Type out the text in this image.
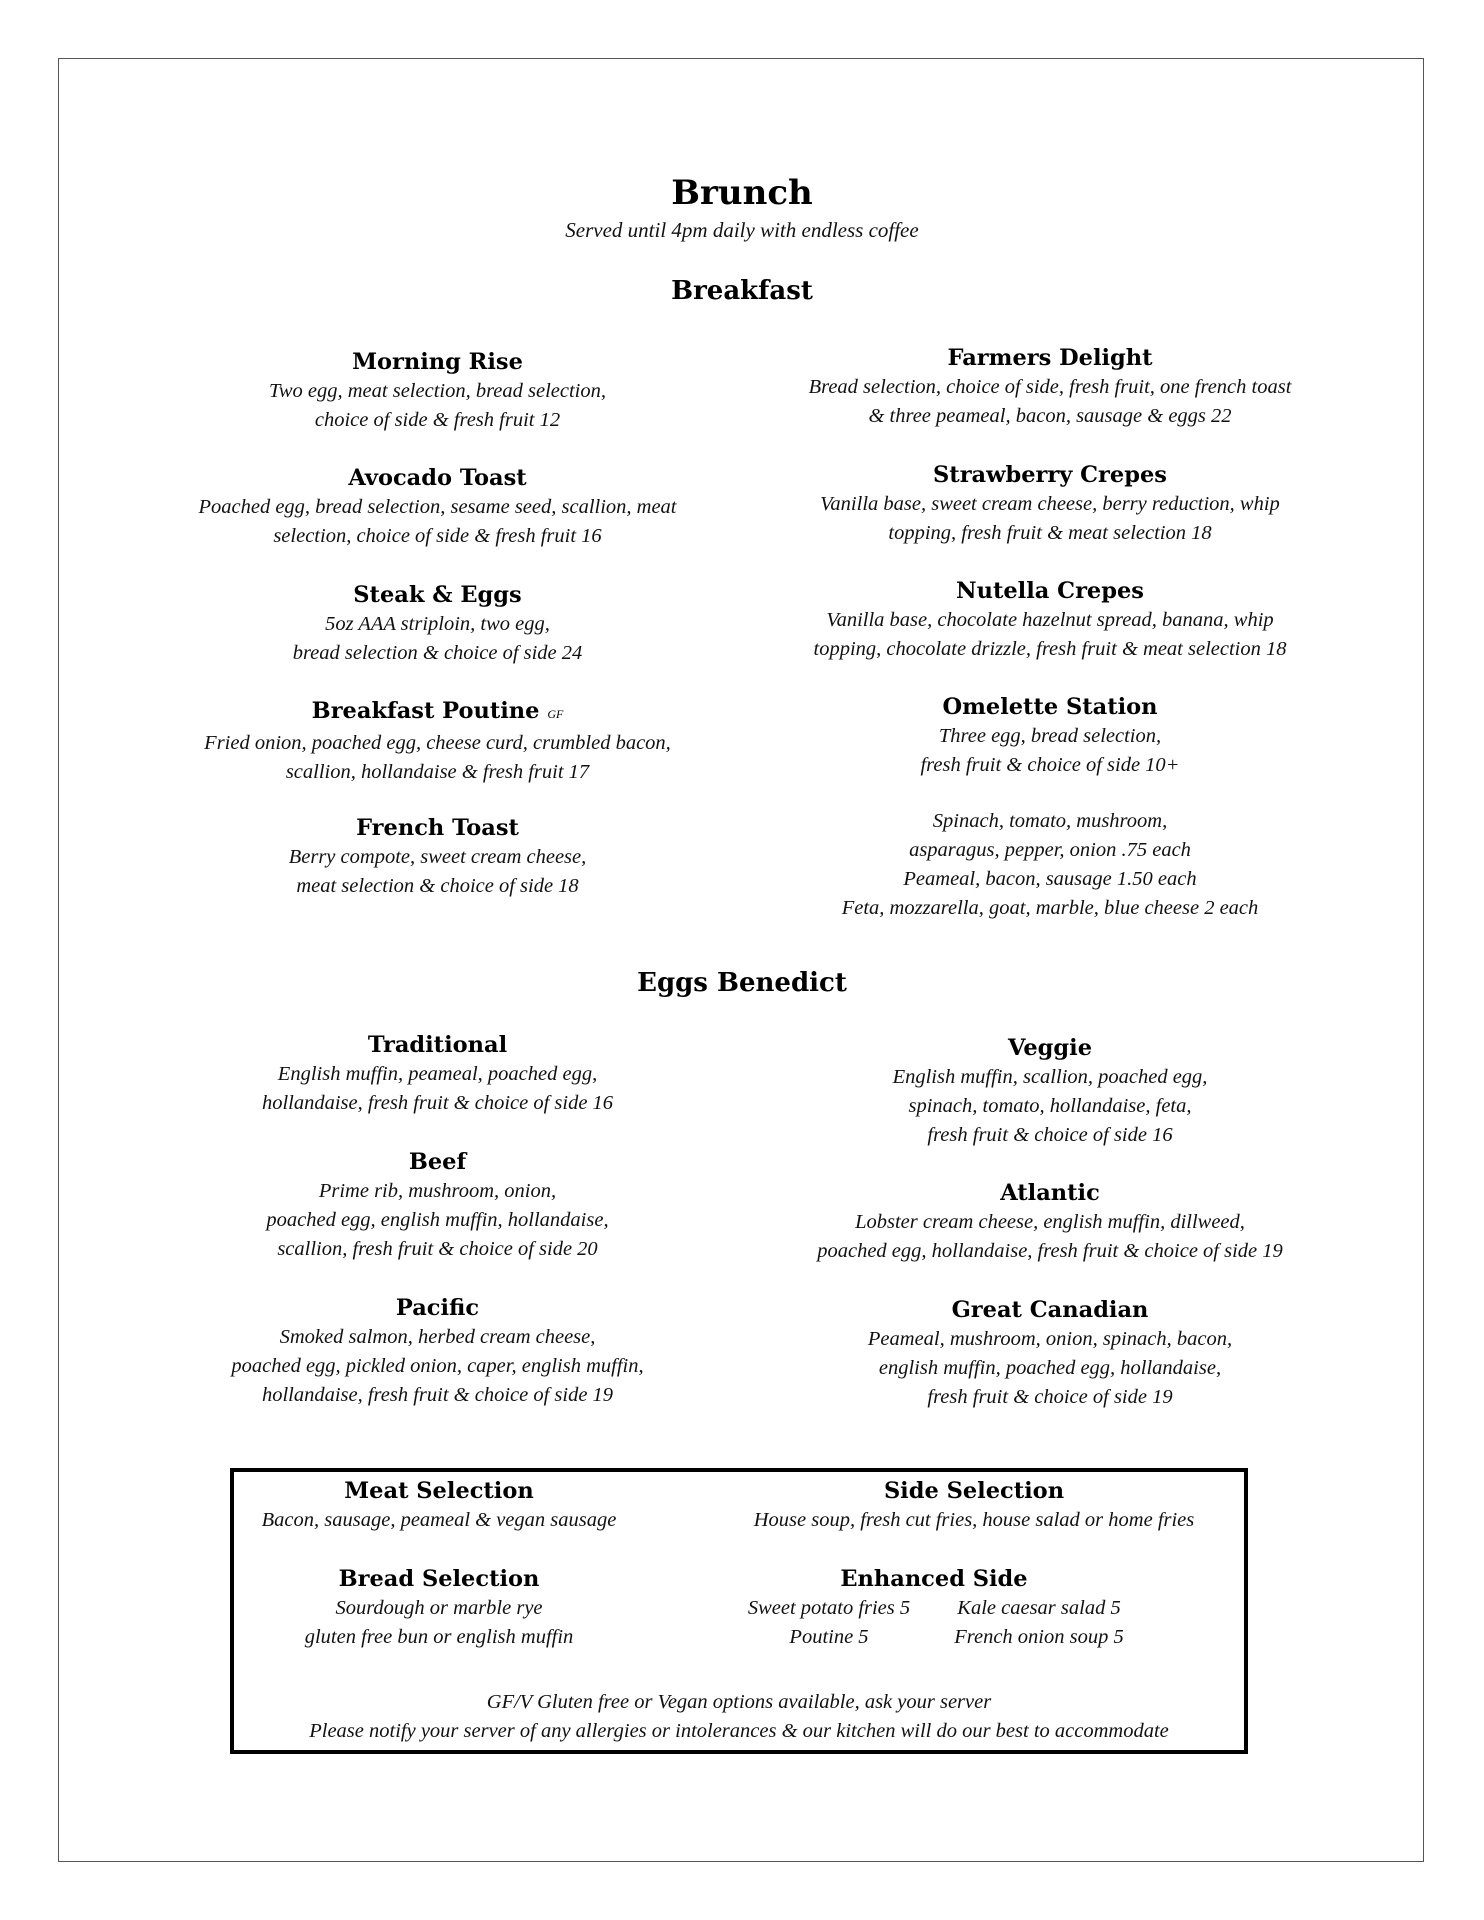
Brunch
Served until 4pm daily with endless coffee
Breakfast
Morning Rise
Two egg, meat selection, bread selection,
choice of side & fresh fruit 12
Avocado Toast
Poached egg, bread selection, sesame seed, scallion, meat
selection, choice of side & fresh fruit 16
Steak & Eggs
5oz AAA striploin, two egg,
bread selection & choice of side 24
Breakfast Poutine GF
Fried onion, poached egg, cheese curd, crumbled bacon,
scallion, hollandaise & fresh fruit 17
French Toast
Berry compote, sweet cream cheese,
meat selection & choice of side 18
Farmers Delight
Bread selection, choice of side, fresh fruit, one french toast
& three peameal, bacon, sausage & eggs 22
Strawberry Crepes
Vanilla base, sweet cream cheese, berry reduction, whip
topping, fresh fruit & meat selection 18
Nutella Crepes
Vanilla base, chocolate hazelnut spread, banana, whip
topping, chocolate drizzle, fresh fruit & meat selection 18
Omelette Station
Three egg, bread selection,
fresh fruit & choice of side 10+
Spinach, tomato, mushroom,
asparagus, pepper, onion .75 each
Peameal, bacon, sausage 1.50 each
Feta, mozzarella, goat, marble, blue cheese 2 each
Eggs Benedict
Traditional
English muffin, peameal, poached egg,
hollandaise, fresh fruit & choice of side 16
Beef
Prime rib, mushroom, onion,
poached egg, english muffin, hollandaise,
scallion, fresh fruit & choice of side 20
Pacific
Smoked salmon, herbed cream cheese,
poached egg, pickled onion, caper, english muffin,
hollandaise, fresh fruit & choice of side 19
Veggie
English muffin, scallion, poached egg,
spinach, tomato, hollandaise, feta,
fresh fruit & choice of side 16
Atlantic
Lobster cream cheese, english muffin, dillweed,
poached egg, hollandaise, fresh fruit & choice of side 19
Great Canadian
Peameal, mushroom, onion, spinach, bacon,
english muffin, poached egg, hollandaise,
fresh fruit & choice of side 19
Meat Selection
Bacon, sausage, peameal & vegan sausage
Side Selection
House soup, fresh cut fries, house salad or home fries
Bread Selection
Sourdough or marble rye
gluten free bun or english muffin
Enhanced Side
Sweet potato fries 5	Kale caesar salad 5
Poutine 5	French onion soup 5
GF/V Gluten free or Vegan options available, ask your server
Please notify your server of any allergies or intolerances & our kitchen will do our best to accommodate
